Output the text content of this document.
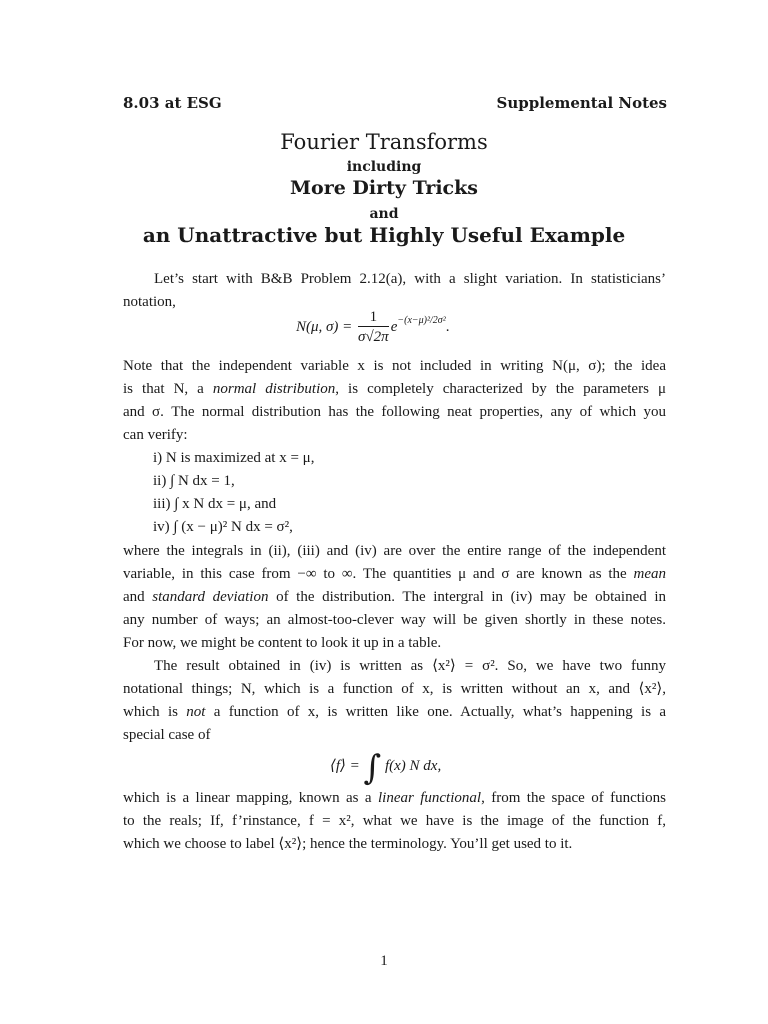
8.03 at ESG	Supplemental Notes
Fourier Transforms
including
More Dirty Tricks
and
an Unattractive but Highly Useful Example
Let’s start with B&B Problem 2.12(a), with a slight variation. In statisticians’
notation,
N(μ, $\sigma) = \frac{1}{\sigma√2\pi} e^{-(x-\mu)^2/2\sigma^2}$.
Note that the independent variable x is not included in writing N(μ, σ); the idea
is that N, a normal distribution, is completely characterized by the parameters μ
and σ. The normal distribution has the following neat properties, any of which you
can verify:
i) N is maximized at x = μ,
ii) ∫ N dx = 1,
iii) ∫ x N dx = μ, and
iv) ∫ (x − μ)² N dx = σ²,
where the integrals in (ii), (iii) and (iv) are over the entire range of the independent
variable, in this case from −∞ to ∞. The quantities μ and σ are known as the mean
and standard deviation of the distribution. The intergral in (iv) may be obtained in
any number of ways; an almost-too-clever way will be given shortly in these notes.
For now, we might be content to look it up in a table.
The result obtained in (iv) is written as ⟨x²⟩ = σ². So, we have two funny
notational things; N, which is a function of x, is written without an x, and ⟨x²⟩,
which is not a function of x, is written like one. Actually, what’s happening is a
special case of
⟨f⟩ = ∫ f(x) N dx,
which is a linear mapping, known as a linear functional, from the space of functions
to the reals; If, f’rinstance, f = x², what we have is the image of the function f,
which we choose to label ⟨x²⟩; hence the terminology. You’ll get used to it.
1
